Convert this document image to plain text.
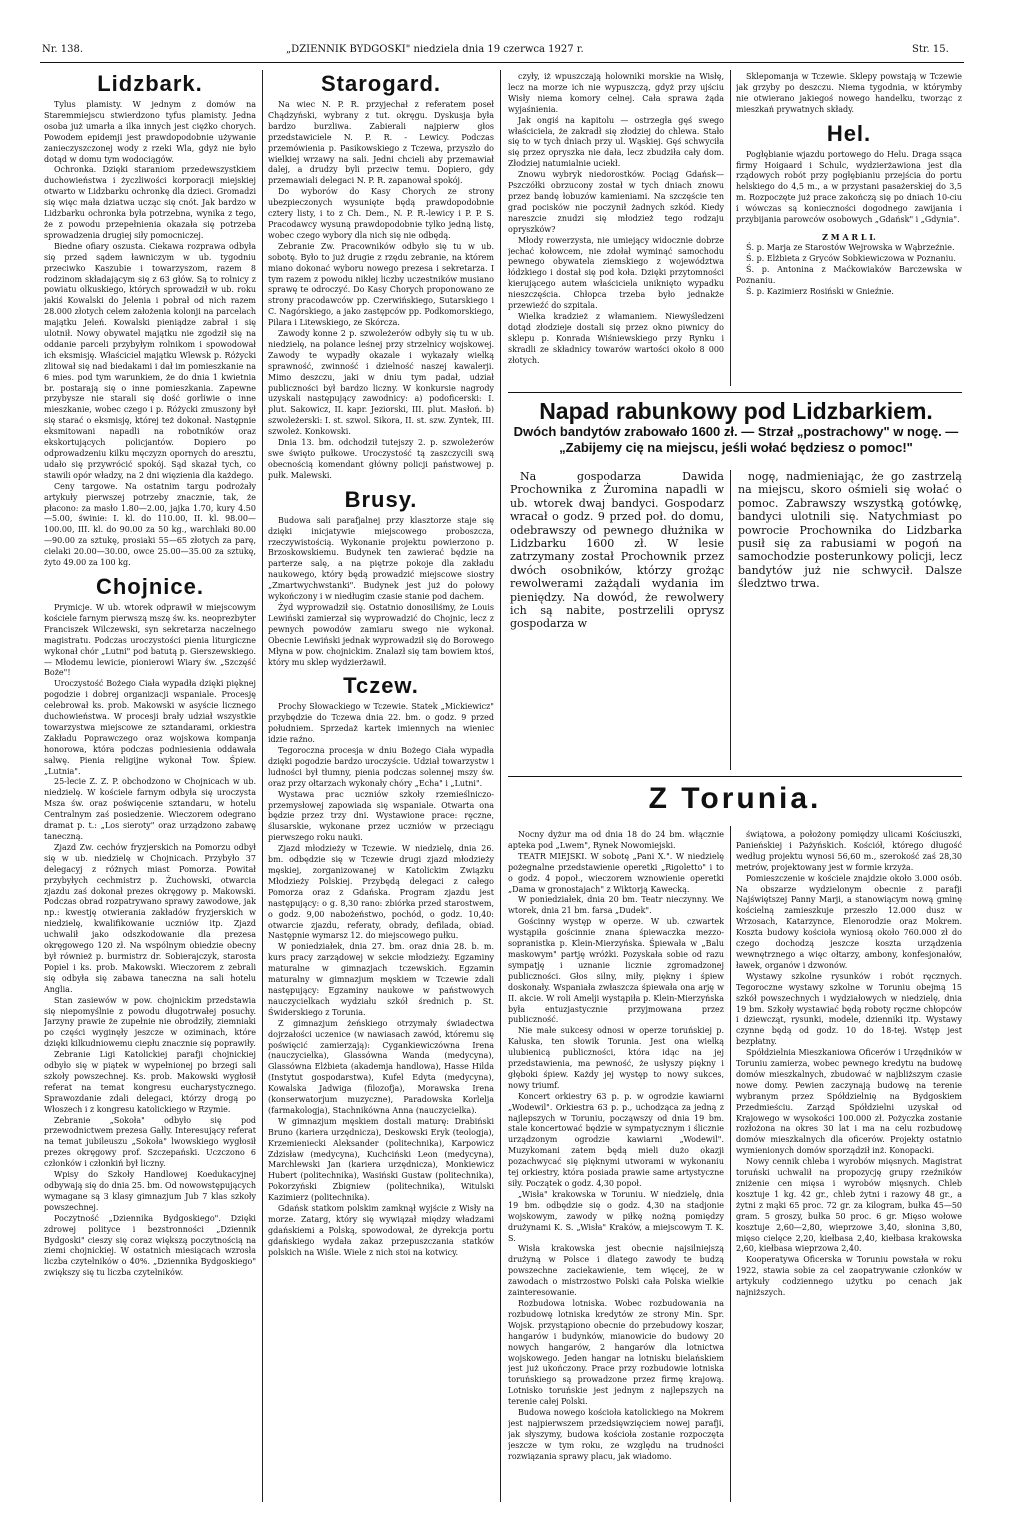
Nr. 138.	„DZIENNIK BYDGOSKI" niedziela dnia 19 czerwca 1927 r.	Str. 15.
Lidzbark.

Tylus plamisty. W jednym z domów na Staremmiejscu stwierdzono tyfus plamisty. Jedna osoba już umarła a ilka innych jest ciężko chorych. Powodem epidemji jest prawdopodobnie używanie zanieczyszczonej wody z rzeki Wla, gdyż nie było dotąd w domu tym wodociągów.

Ochronka. Dzięki staraniom przedewszystkiem duchowieństwa i życzliwości korporacji miejskiej otwarto w Lidzbarku ochronkę dla dzieci. Gromadzi się więc mała dziatwa ucząc się cnót. Jak bardzo w Lidzbarku ochronka była potrzebna, wynika z tego, że z powodu przepełnienia okazała się potrzeba sprowadzenia drugiej siły pomocniczej.

Biedne ofiary oszusta. Ciekawa rozprawa odbyła się przed sądem ławniczym w ub. tygodniu przeciwko Kaszubie i towarzyszom, razem 8 rodzinom składającym się z 63 głów. Są to rolnicy z powiatu olkuskiego, których sprowadził w ub. roku jakiś Kowalski do Jelenia i pobrał od nich razem 28.000 złotych celem założenia kolonji na parcelach majątku Jeleń. Kowalski pieniądze zabrał i się ulotnił. Nowy obywatel majątku nie zgodził się na oddanie parceli przybyłym rolnikom i spowodował ich eksmisję. Właściciel majątku Wlewsk p. Różycki zlitował się nad biedakami i dał im pomieszkanie na 6 mies. pod tym warunkiem, że do dnia 1 kwietnia br. postarają się o inne pomieszkania. Zapewne przybysze nie starali się dość gorliwie o inne mieszkanie, wobec czego i p. Różycki zmuszony był się starać o eksmisję, której też dokonał. Następnie eksmitowani napadli na robotników oraz ekskortujących policjantów. Dopiero po odprowadzeniu kilku męczyzn opornych do aresztu, udało się przywrócić spokój. Sąd skazał tych, co stawili opór władzy, na 2 dni więzienia dla każdego.

Ceny targowe. Na ostatnim targu podrożały artykuły pierwszej potrzeby znacznie, tak, że płacono: za masło 1.80—2.00, jajka 1.70, kury 4.50—5.00, świnie: I. kl. do 110.00, II. kl. 98.00—100.00, III. kl. do 90.00 za 50 kg., warchlaki 80.00—90.00 za sztukę, prosiaki 55—65 złotych za parę, cielaki 20.00—30.00, owce 25.00—35.00 za sztukę, żyto 49.00 za 100 kg.

Chojnice.

Prymicje. W ub. wtorek odprawił w miejscowym kościele farnym pierwszą mszę św. ks. neoprezbyter Franciszek Wilczewski, syn sekretarza naczelnego magistratu. Podczas uroczystości pienia liturgiczne wykonał chór „Lutni" pod batutą p. Gierszewskiego. — Młodemu lewicie, pionierowi Wiary św. „Szczęść Boże"!

Uroczystość Bożego Ciała wypadła dzięki pięknej pogodzie i dobrej organizacji wspaniale. Procesję celebrował ks. prob. Makowski w asyście licznego duchowieństwa. W procesji brały udział wszystkie towarzystwa miejscowe ze sztandarami, orkiestra Zakładu Poprawczego oraz wojskowa kompanja honorowa, która podczas podniesienia oddawała salwę. Pienia religijne wykonał Tow. Śpiew. „Lutnia".

25-lecie Z. Z. P. obchodzono w Chojnicach w ub. niedzielę. W kościele farnym odbyła się uroczysta Msza św. oraz poświęcenie sztandaru, w hotelu Centralnym zaś posiedzenie. Wieczorem odegrano dramat p. t.: „Los sieroty" oraz urządzono zabawę taneczną.

Zjazd Zw. cechów fryzjerskich na Pomorzu odbył się w ub. niedzielę w Chojnicach. Przybyło 37 delegacyj z różnych miast Pomorza. Powitał przybyłych cechmistrz p. Żuchowski, otwarcia zjazdu zaś dokonał prezes okręgowy p. Makowski. Podczas obrad rozpatrywano sprawy zawodowe, jak np.: kwestję otwierania zakładów fryzjerskich w niedzielę, kwalifikowanie uczniów itp. Zjazd uchwalił jako odszkodowanie dla prezesa okręgowego 120 zł. Na wspólnym obiedzie obecny był również p. burmistrz dr. Sobierajczyk, starosta Popiel i ks. prob. Makowski. Wieczorem z zebrali się odbyła się zabawa taneczna na sali hotelu Anglia.

Stan zasiewów w pow. chojnickim przedstawia się niepomyślnie z powodu długotrwałej posuchy. Jarzyny prawie że zupełnie nie obrodziły, ziemniaki po części wyginęły jeszcze w oziminach, które dzięki kilkudniowemu ciepłu znacznie się poprawiły.

Zebranie Ligi Katolickiej parafji chojnickiej odbyło się w piątek w wypełnionej po brzegi sali szkoły powszechnej. Ks. prob. Makowski wygłosił referat na temat kongresu eucharystycznego. Sprawozdanie zdali delegaci, którzy drogą po Włoszech i z kongresu katolickiego w Rzymie.

Zebranie „Sokoła" odbyło się pod przewodnictwem prezesa Gałly. Interesujący referat na temat jubileuszu „Sokoła" lwowskiego wygłosił prezes okręgowy prof. Szczepański. Uczczono 6 członków i członkiń był liczny.

Wpisy do Szkoły Handlowej Koedukacyjnej odbywają się do dnia 25. bm. Od nowowstępujących wymagane są 3 klasy gimnazjum Jub 7 klas szkoły powszechnej.

Poczytność „Dziennika Bydgoskiego". Dzięki zdrowej polityce i bezstronności „Dziennik Bydgoski" cieszy się coraz większą poczytnością na ziemi chojnickiej. W ostatnich miesiącach wzrosła liczba czytelników o 40%. „Dziennika Bydgoskiego" zwiększy się tu liczba czytelników.

Starogard.

Na wiec N. P. R. przyjechał z referatem poseł Chądzyński, wybrany z tut. okręgu. Dyskusja była bardzo burzliwa. Zabierali najpierw głos przedstawiciele N. P. R. - Lewicy. Podczas przemówienia p. Pasikowskiego z Tczewa, przyszło do wielkiej wrzawy na sali. Jedni chcieli aby przemawiał dalej, a drudzy byli przeciw temu. Dopiero, gdy przemawiali delegaci N. P. R. zapanował spokój.

Do wyborów do Kasy Chorych ze strony ubezpieczonych wysunięte będą prawdopodobnie cztery listy, i to z Ch. Dem., N. P. R.-lewicy i P. P. S. Pracodawcy wysuną prawdopodobnie tylko jedną listę, wobec czego wybory dla nich się nie odbędą.

Zebranie Zw. Pracowników odbyło się tu w ub. sobotę. Było to już drugie z rzędu zebranie, na którem miano dokonać wyboru nowego prezesa i sekretarza. I tym razem z powodu nikłej liczby uczestników musiano sprawę te odroczyć. Do Kasy Chorych proponowano ze strony pracodawców pp. Czerwińskiego, Sutarskiego i C. Nagórskiego, a jako zastępców pp. Podkomorskiego, Pilara i Litewskiego, ze Skórcza.

Zawody konne 2 p. szwoleżerów odbyły się tu w ub. niedzielę, na polance leśnej przy strzelnicy wojskowej. Zawody te wypadły okazale i wykazały wielką sprawność, zwinność i dzielność naszej kawalerji. Mimo deszczu, jaki w dniu tym padał, udział publiczności był bardzo liczny. W konkursie nagrody uzyskali następujący zawodnicy: a) podoficerski: I. plut. Sakowicz, II. kapr. Jeziorski, III. plut. Masłoń. b) szwoleżerski: I. st. szwol. Sikora, II. st. szw. Zyntek, III. szwoleż. Konkowski.

Dnia 13. bm. odchodził tutejszy 2. p. szwoleżerów swe święto pułkowe. Uroczystość tą zaszczycili swą obecnością komendant główny policji państwowej p. pułk. Malewski.

Brusy.

Budowa sali parafjalnej przy klasztorze staje się dzięki inicjatywie miejscowego proboszcza, rzeczywistością. Wykonanie projektu powierzono p. Brzoskowskiemu. Budynek ten zawierać będzie na parterze salę, a na piętrze pokoje dla zakładu naukowego, który będą prowadzić miejscowe siostry „Zmartwychwstanki". Budynek jest już do połowy wykończony i w niedługim czasie stanie pod dachem.

Żyd wyprowadził się. Ostatnio donosiliśmy, że Louis Lewiński zamierzał się wyprowadzić do Chojnic, lecz z pewnych powodów zamiaru swego nie wykonał. Obecnie Lewiński jednak wyprowadził się do Borowego Młyna w pow. chojnickim. Znalazł się tam bowiem ktoś, który mu sklep wydzierżawił.

Tczew.

Prochy Słowackiego w Tczewie. Statek „Mickiewicz" przybędzie do Tczewa dnia 22. bm. o godz. 9 przed południem. Sprzedaż kartek imiennych na wieniec idzie raźno.

Tegoroczna procesja w dniu Bożego Ciała wypadła dzięki pogodzie bardzo uroczyście. Udział towarzystw i ludności był tłumny, pienia podczas solennej mszy św. oraz przy ołtarzach wykonały chóry „Echa" i „Lutni".

Wystawa prac uczniów szkoły rzemieślniczo-przemysłowej zapowiada się wspaniale. Otwarta ona będzie przez trzy dni. Wystawione prace: ręczne, ślusarskie, wykonane przez uczniów w przeciągu pierwszego roku nauki.

Zjazd młodzieży w Tczewie. W niedzielę, dnia 26. bm. odbędzie się w Tczewie drugi zjazd młodzieży męskiej, zorganizowanej w Katolickim Związku Młodzieży Polskiej. Przybędą delegaci z całego Pomorza oraz z Gdańska. Program zjazdu jest następujący: o g. 8,30 rano: zbiórka przed starostwem, o godz. 9,00 nabożeństwo, pochód, o godz. 10,40: otwarcie zjazdu, referaty, obrady, defilada, obiad. Następnie wymarsz 12. do miejscowego pułku.

W poniedziałek, dnia 27. bm. oraz dnia 28. b. m. kurs pracy zarządowej w sekcie młodzieży. Egzaminy maturalne w gimnazjach tczewskich. Egzamin maturalny w gimnazjum męskiem w Tczewie zdali następujący: Egzaminy naukowe w państwowych nauczycielkach wydziału szkół średnich p. St. Świderskiego z Torunia.

Z gimnazjum żeńskiego otrzymały świadectwa dojrzałości uczenice (w nawiasach zawód, któremu się poświęcić zamierzają): Cygankiewiczówna Irena (nauczycielka), Glassówna Wanda (medycyna), Glassówna Elżbieta (akademja handlowa), Hasse Hilda (Instytut gospodarstwa), Kufel Edyta (medycyna), Kowalska Jadwiga (filozofja), Morawska Irena (konserwatorjum muzyczne), Paradowska Korlelja (farmakologja), Stachnikówna Anna (nauczycielka).

W gimnazjum męskiem dostali maturę: Drabiński Bruno (kariera urzędnicza), Deskowski Eryk (teologja), Krzemieniecki Aleksander (politechnika), Karpowicz Zdzisław (medycyna), Kuchciński Leon (medycyna), Marchlewski Jan (kariera urzędnicza), Monkiewicz Hubert (politechnika), Wasiński Gustaw (politechnika), Pokorzyński Zbigniew (politechnika), Witulski Kazimierz (politechnika).

Gdańsk statkom polskim zamknął wyjście z Wisły na morze. Zatarg, który się wywiązał między władzami gdańskiemi a Polską, spowodował, że dyrekcja portu gdańskiego wydała zakaz przepuszczania statków polskich na Wiśle. Wiele z nich stoi na kotwicy.

czyły, iż wpuszczają holowniki morskie na Wisłę, lecz na morze ich nie wypuszczą, gdyż przy ujściu Wisły niema komory celnej. Cała sprawa żąda wyjaśnienia.

Jak ongiś na kapitolu — ostrzegła gęś swego właściciela, że zakradł się złodziej do chlewa. Stało się to w tych dniach przy ul. Wąskiej. Gęś schwyciła się przez opryszka nie dała, lecz zbudziła cały dom. Złodziej natumialnie uciekł.

Znowu wybryk niedorostków. Pociąg Gdańsk—Pszczółki obrzucony został w tych dniach znowu przez bandę łobuzów kamieniami. Na szczęście ten grad pocisków nie poczynił żadnych szkód. Kiedy nareszcie znudzi się młodzież tego rodzaju opryszków?

Młody rowerzysta, nie umiejący widocznie dobrze jechać kołowcem, nie zdołał wyminąć samochodu pewnego obywatela ziemskiego z województwa łódzkiego i dostał się pod koła. Dzięki przytomności kierującego autem właściciela uniknięto wypadku nieszczęścia. Chłopca trzeba było jednakże przewieźć do szpitala.

Wielka kradzież z włamaniem. Niewyśledzeni dotąd złodzieje dostali się przez okno piwnicy do sklepu p. Konrada Wiśniewskiego przy Rynku i skradli ze składnicy towarów wartości około 8 000 złotych.

Sklepomanja w Tczewie. Sklepy powstają w Tczewie jak grzyby po deszczu. Niema tygodnia, w którymby nie otwierano jakiegoś nowego handelku, tworząc z mieszkań prywatnych składy.

Hel.

Pogłębianie wjazdu portowego do Helu. Draga ssąca firmy Hoigaard i Schulc, wydzierżawiona jest dla rządowych robót przy pogłębianiu przejścia do portu helskiego do 4,5 m., a w przystani pasażerskiej do 3,5 m. Rozpoczęte już prace zakończą się po dniach 10-ciu i wówczas są konieczności dogodnego zawijania i przybijania parowców osobowych „Gdańsk" i „Gdynia".

Z M A R L I.

Ś. p. Marja ze Starostów Wejrowska w Wąbrzeźnie.

Ś. p. Elżbieta z Gryców Sobkiewiczowa w Poznaniu.

Ś. p. Antonina z Maćkowiaków Barczewska w Poznaniu.

Ś. p. Kazimierz Rosiński w Gnieźnie.

Napad rabunkowy pod Lidzbarkiem.
Dwóch bandytów zrabowało 1600 zł. — Strzał „postrachowy" w nogę. — „Zabijemy cię na miejscu, jeśli wołać będziesz o pomoc!"

Na gospodarza Dawida Prochownika z Żuromina napadli w ub. wtorek dwaj bandyci. Gospodarz wracał o godz. 9 przed poł. do domu, odebrawszy od pewnego dłużnika w Lidzbarku 1600 zł. W lesie zatrzymany został Prochownik przez dwóch osobników, którzy grożąc rewolwerami zażądali wydania im pieniędzy. Na dowód, że rewolwery ich są nabite, postrzelili oprysz gospodarza w

nogę, nadmieniając, że go zastrzelą na miejscu, skoro ośmieli się wołać o pomoc. Zabrawszy wszystką gotówkę, bandyci ulotnili się. Natychmiast po powrocie Prochownika do Lidzbarka pusił się za rabusiami w pogoń na samochodzie posterunkowy policji, lecz bandytów już nie schwycił. Dalsze śledztwo trwa.

Z Torunia.

Nocny dyżur ma od dnia 18 do 24 bm. włącznie apteka pod „Lwem", Rynek Nowomiejski.

TEATR MIEJSKI. W sobotę „Pani X.". W niedzielę pożegnalne przedstawienie operetki „Rigoletto" i to o godz. 4 popoł., wieczorem wznowienie operetki „Dama w gronostajach" z Wiktorją Kawecką.

W poniedziałek, dnia 20 bm. Teatr nieczynny. We wtorek, dnia 21 bm. farsa „Dudek".

Gościnny występ w operze. W ub. czwartek wystąpiła gościnnie znana śpiewaczka mezzo-sopranistka p. Klein-Mierzyńska. Śpiewała w „Balu maskowym" partję wróżki. Pozyskała sobie od razu sympatję i uznanie licznie zgromadzonej publiczności. Głos silny, miły, piękny i śpiew doskonały. Wspaniała zwłaszcza śpiewała ona arję w II. akcie. W roli Amelji wystąpiła p. Klein-Mierzyńska była entuzjastycznie przyjmowana przez publiczność.

Nie małe sukcesy odnosi w operze toruńskiej p. Kałuska, ten słowik Torunia. Jest ona wielką ulubienicą publiczności, która idąc na jej przedstawienia, ma pewność, że usłyszy piękny i głęboki śpiew. Każdy jej występ to nowy sukces, nowy triumf.

Koncert orkiestry 63 p. p. w ogrodzie kawiarni „Wodewil". Orkiestra 63 p. p., uchodząca za jedną z najlepszych w Toruniu, począwszy od dnia 19 bm. stale koncertować będzie w sympatycznym i ślicznie urządzonym ogrodzie kawiarni „Wodewil". Muzykomani zatem będą mieli dużo okazji pozachwycać się pięknymi utworami w wykonaniu tej orkiestry, która posiada prawie same artystyczne siły. Początek o godz. 4,30 popoł.

„Wisła" krakowska w Toruniu. W niedzielę, dnia 19 bm. odbędzie się o godz. 4,30 na stadjonie wojskowym, zawody w piłkę nożną pomiędzy drużynami K. S. „Wisła" Kraków, a miejscowym T. K. S.

Wisła krakowska jest obecnie najsilniejszą drużyną w Polsce i dlatego zawody te budzą powszechne zaciekawienie, tem więcej, że w zawodach o mistrzostwo Polski cała Polska wielkie zainteresowanie.

Rozbudowa lotniska. Wobec rozbudowania na rozbudowę lotniska kredytów ze strony Min. Spr. Wojsk. przystąpiono obecnie do przebudowy koszar, hangarów i budynków, mianowicie do budowy 20 nowych hangarów, 2 hangarów dla lotnictwa wojskowego. Jeden hangar na lotnisku bielańskiem jest już ukończony. Prace przy rozbudowie lotniska toruńskiego są prowadzone przez firmę krajową. Lotnisko toruńskie jest jednym z najlepszych na terenie całej Polski.

Budowa nowego kościoła katolickiego na Mokrem jest najpierwszem przedsięwzięciem nowej parafji, jak słyszymy, budowa kościoła zostanie rozpoczęta jeszcze w tym roku, ze względu na trudności rozwiązania sprawy placu, jak wiadomo.

świątowa, a położony pomiędzy ulicami Kościuszki, Panieńskiej i Pażyńskich. Kościół, którego długość według projektu wynosi 56,60 m., szerokość zaś 28,30 metrów, projektowany jest w formie krzyża.

Pomieszczenie w kościele znajdzie około 3.000 osób. Na obszarze wydzielonym obecnie z parafji Najświętszej Panny Marji, a stanowiącym nową gminę kościelną zamieszkuje przeszło 12.000 dusz w Wrzosach, Katarzynce, Elenorodzie oraz Mokrem. Koszta budowy kościoła wyniosą około 760.000 zł do czego dochodzą jeszcze koszta urządzenia wewnętrznego a więc ołtarzy, ambony, konfesjonałów, ławek, organów i dzwonów.

Wystawy szkolne rysunków i robót ręcznych. Tegoroczne wystawy szkolne w Toruniu obejmą 15 szkół powszechnych i wydziałowych w niedzielę, dnia 19 bm. Szkoły wystawiać będą roboty ręczne chłopców i dziewcząt, rysunki, modele, dzienniki itp. Wystawy czynne będą od godz. 10 do 18-tej. Wstęp jest bezpłatny.

Spółdzielnia Mieszkaniowa Oficerów i Urzędników w Toruniu zamierza, wobec pewnego kredytu na budowę domów mieszkalnych, zbudować w najbliższym czasie nowe domy. Pewien zaczynają budowę na terenie wybranym przez Spółdzielnię na Bydgoskiem Przedmieściu. Zarząd Spółdzielni uzyskał od Krajowego w wysokości 100.000 zł. Pożyczka zostanie rozłożona na okres 30 lat i ma na celu rozbudowę domów mieszkalnych dla oficerów. Projekty ostatnio wymienionych domów sporządził inż. Konopacki.

Nowy cennik chleba i wyrobów mięsnych. Magistrat toruński uchwalił na propozycję grupy rzeźników zniżenie cen mięsa i wyrobów mięsnych. Chleb kosztuje 1 kg. 42 gr., chleb żytni i razowy 48 gr., a żytni z mąki 65 proc. 72 gr. za kilogram, bułka 45—50 gram. 5 groszy, bułka 50 proc. 6 gr. Mięso wołowe kosztuje 2,60—2,80, wieprzowe 3,40, słonina 3,80, mięso cielęce 2,20, kiełbasa 2,40, kiełbasa krakowska 2,60, kiełbasa wieprzowa 2,40.

Kooperatywa Oficerska w Toruniu powstała w roku 1922, stawia sobie za cel zaopatrywanie członków w artykuły codziennego użytku po cenach jak najniższych.
